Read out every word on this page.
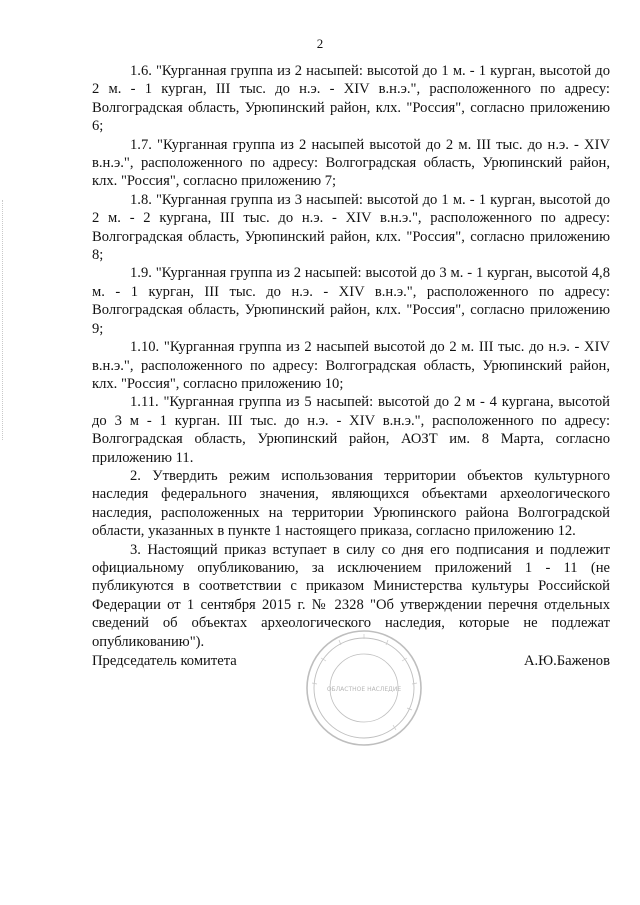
2

1.6. "Курганная группа из 2 насыпей: высотой до 1 м. - 1 курган, высотой до 2 м. - 1 курган, III тыс. до н.э. - XIV в.н.э.", расположенного по адресу: Волгоградская область, Урюпинский район, клх. "Россия", согласно приложению 6;

1.7. "Курганная группа из 2 насыпей высотой до 2 м. III тыс. до н.э. - XIV в.н.э.", расположенного по адресу: Волгоградская область, Урюпинский район, клх. "Россия", согласно приложению 7;

1.8. "Курганная группа из 3 насыпей: высотой до 1 м. - 1 курган, высотой до 2 м. - 2 кургана, III тыс. до н.э. - XIV в.н.э.", расположенного по адресу: Волгоградская область, Урюпинский район, клх. "Россия", согласно приложению 8;

1.9. "Курганная группа из 2 насыпей: высотой до 3 м. - 1 курган, высотой 4,8 м. - 1 курган, III тыс. до н.э. - XIV в.н.э.", расположенного по адресу: Волгоградская область, Урюпинский район, клх. "Россия", согласно приложению 9;

1.10. "Курганная группа из 2 насыпей высотой до 2 м. III тыс. до н.э. - XIV в.н.э.", расположенного по адресу: Волгоградская область, Урюпинский район, клх. "Россия", согласно приложению 10;

1.11. "Курганная группа из 5 насыпей: высотой до 2 м - 4 кургана, высотой до 3 м - 1 курган. III тыс. до н.э. - XIV в.н.э.", расположенного по адресу: Волгоградская область, Урюпинский район, АОЗТ им. 8 Марта, согласно приложению 11.

2. Утвердить режим использования территории объектов культурного наследия федерального значения, являющихся объектами археологического наследия, расположенных на территории Урюпинского района Волгоградской области, указанных в пункте 1 настоящего приказа, согласно приложению 12.

3. Настоящий приказ вступает в силу со дня его подписания и подлежит официальному опубликованию, за исключением приложений 1 - 11 (не публикуются в соответствии с приказом Министерства культуры Российской Федерации от 1 сентября 2015 г. № 2328 "Об утверждении перечня отдельных сведений об объектах археологического наследия, которые не подлежат опубликованию").

Председатель комитета	А.Ю.Баженов
ОБЛАСТНОЕ НАСЛЕДИЕ
